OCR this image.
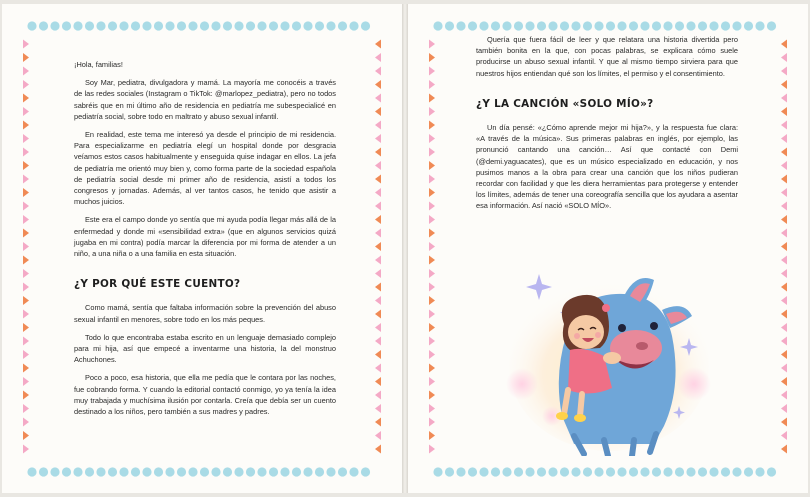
¡Hola, familias!

Soy Mar, pediatra, divulgadora y mamá. La mayoría me conocéis a través de las redes sociales (Instagram o TikTok: @marlopez_pediatra), pero no todos sabréis que en mi último año de residencia en pediatría me subespecialicé en pediatría social, sobre todo en maltrato y abuso sexual infantil.

En realidad, este tema me interesó ya desde el principio de mi residencia. Para especializarme en pediatría elegí un hospital donde por desgracia veíamos estos casos habitualmente y enseguida quise indagar en ellos. La jefa de pediatría me orientó muy bien y, como forma parte de la sociedad española de pediatría social desde mi primer año de residencia, asistí a todos los congresos y jornadas. Además, al ver tantos casos, he tenido que asistir a muchos juicios.

Este era el campo donde yo sentía que mi ayuda podía llegar más allá de la enfermedad y donde mi «sensibilidad extra» (que en algunos servicios quizá jugaba en mi contra) podía marcar la diferencia por mi forma de atender a un niño, a una niña o a una familia en esta situación.

¿Y POR QUÉ ESTE CUENTO?

Como mamá, sentía que faltaba información sobre la prevención del abuso sexual infantil en menores, sobre todo en los más peques.

Todo lo que encontraba estaba escrito en un lenguaje demasiado complejo para mi hija, así que empecé a inventarme una historia, la del monstruo Achuchones.

Poco a poco, esa historia, que ella me pedía que le contara por las noches, fue cobrando forma. Y cuando la editorial contactó conmigo, yo ya tenía la idea muy trabajada y muchísima ilusión por contarla. Creía que debía ser un cuento destinado a los niños, pero también a sus madres y padres.

Quería que fuera fácil de leer y que relatara una historia divertida pero también bonita en la que, con pocas palabras, se explicara cómo suele producirse un abuso sexual infantil. Y que al mismo tiempo sirviera para que nuestros hijos entiendan qué son los límites, el permiso y el consentimiento.

¿Y LA CANCIÓN «SOLO MÍO»?

Un día pensé: «¿Cómo aprende mejor mi hija?», y la respuesta fue clara: «A través de la música». Sus primeras palabras en inglés, por ejemplo, las pronunció cantando una canción… Así que contacté con Demi (@demi.yaguacates), que es un músico especializado en educación, y nos pusimos manos a la obra para crear una canción que los niños pudieran recordar con facilidad y que les diera herramientas para protegerse y entender los límites, además de tener una coreografía sencilla que los ayudara a asentar esa información. Así nació «SOLO MÍO».
